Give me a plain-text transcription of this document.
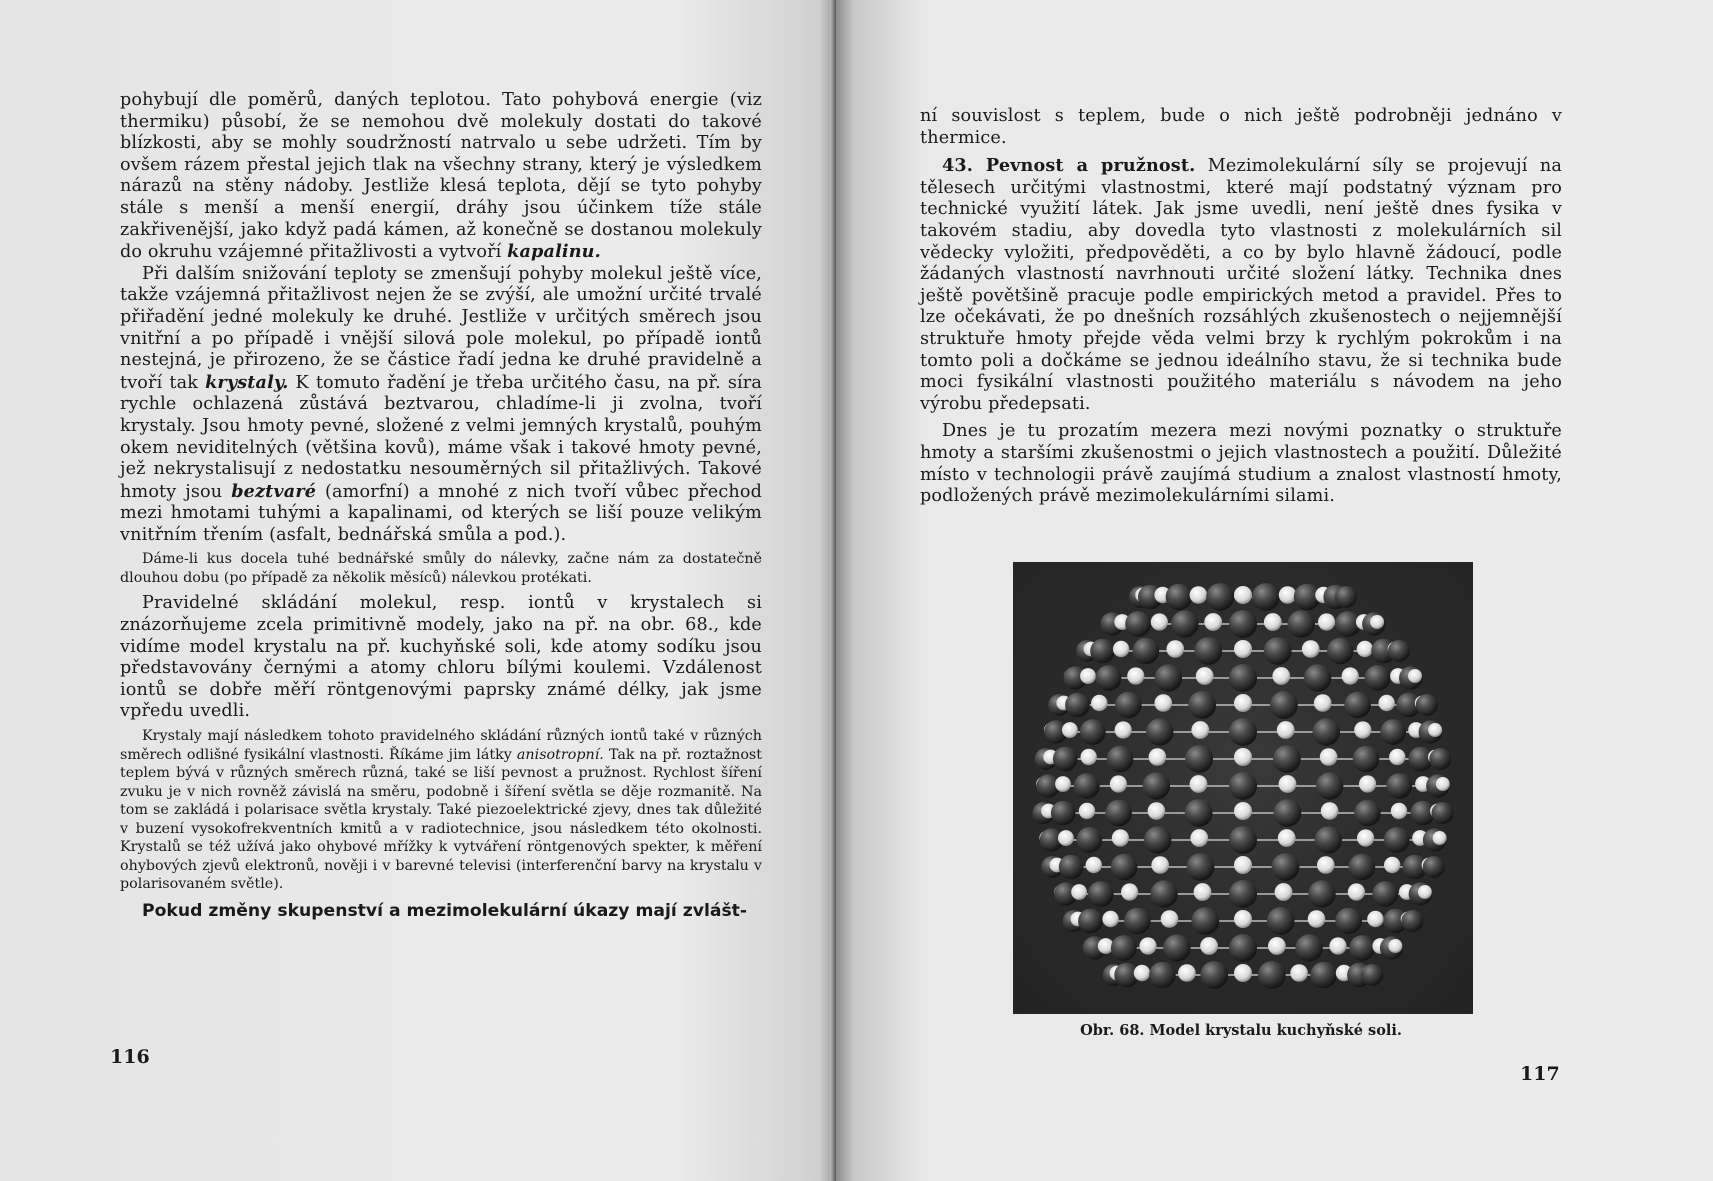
pohybují dle poměrů, daných teplotou. Tato pohybová energie (viz thermiku) působí, že se nemohou dvě molekuly dostati do takové blízkosti, aby se mohly soudržností natrvalo u sebe udržeti. Tím by ovšem rázem přestal jejich tlak na všechny strany, který je výsledkem nárazů na stěny nádoby. Jestliže klesá teplota, dějí se tyto pohyby stále s menší a menší energií, dráhy jsou účinkem tíže stále zakřivenější, jako když padá kámen, až konečně se dostanou molekuly do okruhu vzájemné přitažlivosti a vytvoří kapalinu.

Při dalším snižování teploty se zmenšují pohyby molekul ještě více, takže vzájemná přitažlivost nejen že se zvýší, ale umožní určité trvalé přiřadění jedné molekuly ke druhé. Jestliže v určitých směrech jsou vnitřní a po případě i vnější silová pole molekul, po případě iontů nestejná, je přirozeno, že se částice řadí jedna ke druhé pravidelně a tvoří tak krystaly. K tomuto řadění je třeba určitého času, na př. síra rychle ochlazená zůstává beztvarou, chladíme-li ji zvolna, tvoří krystaly. Jsou hmoty pevné, složené z velmi jemných krystalů, pouhým okem neviditelných (většina kovů), máme však i takové hmoty pevné, jež nekrystalisují z nedostatku nesouměrných sil přitažlivých. Takové hmoty jsou beztvaré (amorfní) a mnohé z nich tvoří vůbec přechod mezi hmotami tuhými a kapalinami, od kterých se liší pouze velikým vnitřním třením (asfalt, bednářská smůla a pod.).

Dáme-li kus docela tuhé bednářské smůly do nálevky, začne nám za dostatečně dlouhou dobu (po případě za několik měsíců) nálevkou protékati.

Pravidelné skládání molekul, resp. iontů v krystalech si znázorňujeme zcela primitivně modely, jako na př. na obr. 68., kde vidíme model krystalu na př. kuchyňské soli, kde atomy sodíku jsou představovány černými a atomy chloru bílými koulemi. Vzdálenost iontů se dobře měří röntgenovými paprsky známé délky, jak jsme vpředu uvedli.

Krystaly mají následkem tohoto pravidelného skládání různých iontů také v různých směrech odlišné fysikální vlastnosti. Říkáme jim látky anisotropní. Tak na př. roztažnost teplem bývá v různých směrech různá, také se liší pevnost a pružnost. Rychlost šíření zvuku je v nich rovněž závislá na směru, podobně i šíření světla se děje rozmanitě. Na tom se zakládá i polarisace světla krystaly. Také piezoelektrické zjevy, dnes tak důležité v buzení vysokofrekventních kmitů a v radiotechnice, jsou následkem této okolnosti. Krystalů se též užívá jako ohybové mřížky k vytváření röntgenových spekter, k měření ohybových zjevů elektronů, nověji i v barevné televisi (interferenční barvy na krystalu v polarisovaném světle).

Pokud změny skupenství a mezimolekulární úkazy mají zvlášt-

116

ní souvislost s teplem, bude o nich ještě podrobněji jednáno v thermice.

43. Pevnost a pružnost. Mezimolekulární síly se projevují na tělesech určitými vlastnostmi, které mají podstatný význam pro technické využití látek. Jak jsme uvedli, není ještě dnes fysika v takovém stadiu, aby dovedla tyto vlastnosti z molekulárních sil vědecky vyložiti, předpověděti, a co by bylo hlavně žádoucí, podle žádaných vlastností navrhnouti určité složení látky. Technika dnes ještě povětšině pracuje podle empirických metod a pravidel. Přes to lze očekávati, že po dnešních rozsáhlých zkušenostech o nejjemnější struktuře hmoty přejde věda velmi brzy k rychlým pokrokům i na tomto poli a dočkáme se jednou ideálního stavu, že si technika bude moci fysikální vlastnosti použitého materiálu s návodem na jeho výrobu předepsati.

Dnes je tu prozatím mezera mezi novými poznatky o struktuře hmoty a staršími zkušenostmi o jejich vlastnostech a použití. Důležité místo v technologii právě zaujímá studium a znalost vlastností hmoty, podložených právě mezimolekulárními silami.

Obr. 68. Model krystalu kuchyňské soli.
117
